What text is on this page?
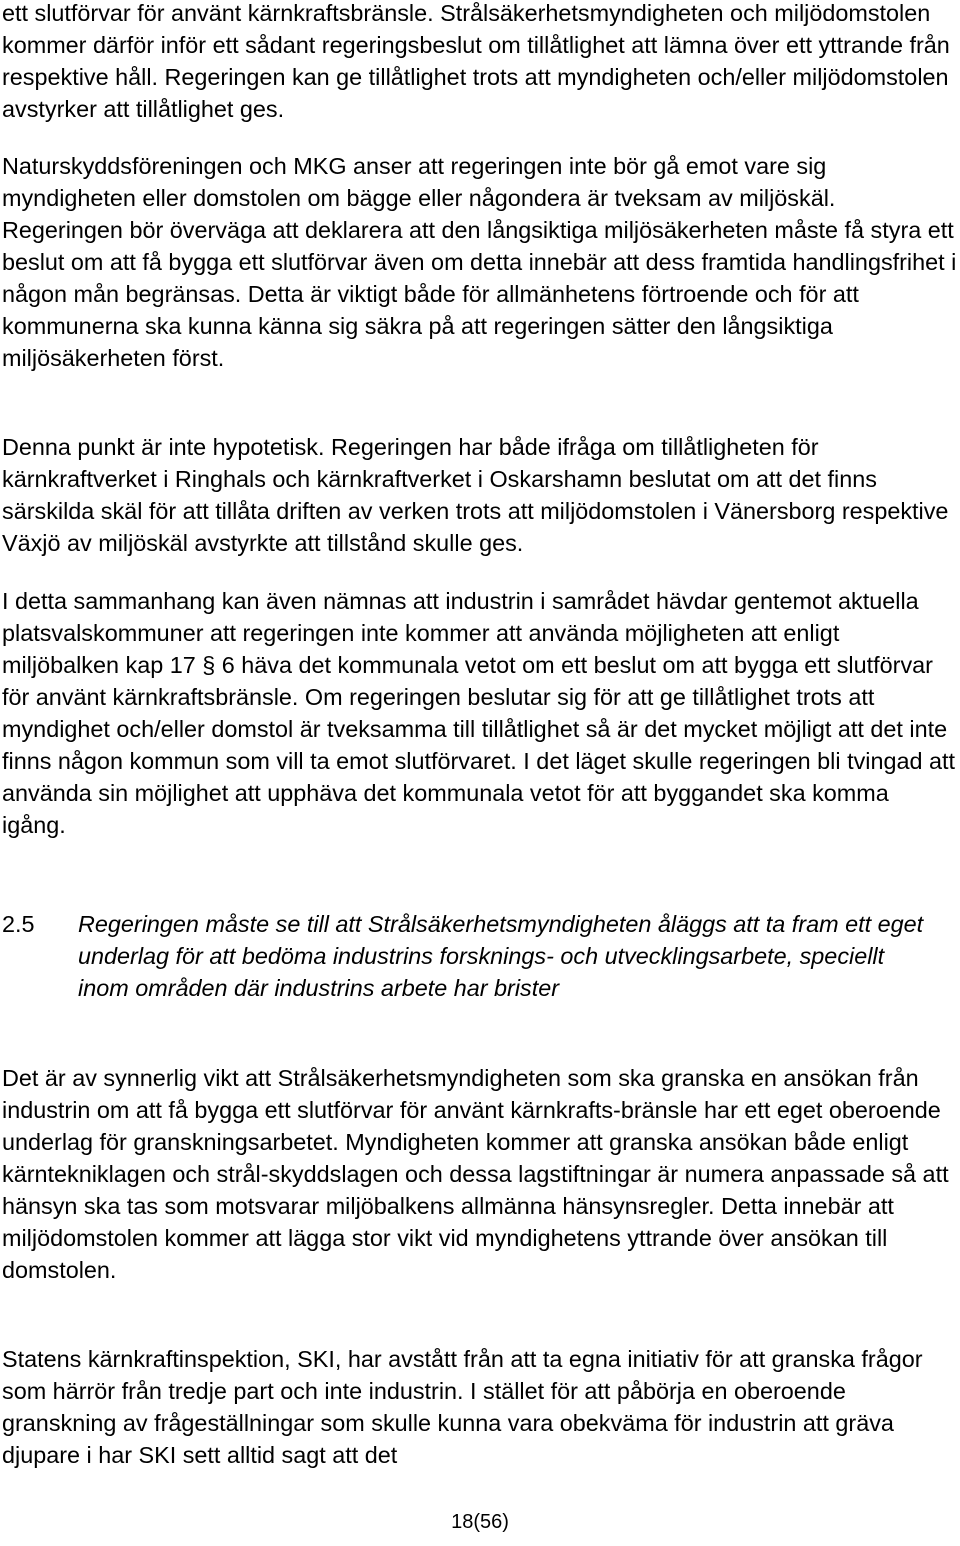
ett slutförvar för använt kärnkraftsbränsle. Strålsäkerhetsmyndigheten och miljödomstolen kommer därför inför ett sådant regeringsbeslut om tillåtlighet att lämna över ett yttrande från respektive håll. Regeringen kan ge tillåtlighet trots att myndigheten och/eller miljödomstolen avstyrker att tillåtlighet ges.

Naturskyddsföreningen och MKG anser att regeringen inte bör gå emot vare sig myndigheten eller domstolen om bägge eller någondera är tveksam av miljöskäl. Regeringen bör överväga att deklarera att den långsiktiga miljösäkerheten måste få styra ett beslut om att få bygga ett slutförvar även om detta innebär att dess framtida handlingsfrihet i någon mån begränsas. Detta är viktigt både för allmänhetens förtroende och för att kommunerna ska kunna känna sig säkra på att regeringen sätter den långsiktiga miljösäkerheten först.

Denna punkt är inte hypotetisk. Regeringen har både ifråga om tillåtligheten för kärnkraftverket i Ringhals och kärnkraftverket i Oskarshamn beslutat om att det finns särskilda skäl för att tillåta driften av verken trots att miljödomstolen i Vänersborg respektive Växjö av miljöskäl avstyrkte att tillstånd skulle ges.

I detta sammanhang kan även nämnas att industrin i samrådet hävdar gentemot aktuella platsvalskommuner att regeringen inte kommer att använda möjligheten att enligt miljöbalken kap 17 § 6 häva det kommunala vetot om ett beslut om att bygga ett slutförvar för använt kärnkraftsbränsle. Om regeringen beslutar sig för att ge tillåtlighet trots att myndighet och/eller domstol är tveksamma till tillåtlighet så är det mycket möjligt att det inte finns någon kommun som vill ta emot slutförvaret. I det läget skulle regeringen bli tvingad att använda sin möjlighet att upphäva det kommunala vetot för att byggandet ska komma igång.

2.5	Regeringen måste se till att Strålsäkerhetsmyndigheten åläggs att ta fram ett eget underlag för att bedöma industrins forsknings- och utvecklingsarbete, speciellt inom områden där industrins arbete har brister

Det är av synnerlig vikt att Strålsäkerhetsmyndigheten som ska granska en ansökan från industrin om att få bygga ett slutförvar för använt kärnkrafts-bränsle har ett eget oberoende underlag för granskningsarbetet. Myndigheten kommer att granska ansökan både enligt kärntekniklagen och strål-skyddslagen och dessa lagstiftningar är numera anpassade så att hänsyn ska tas som motsvarar miljöbalkens allmänna hänsynsregler. Detta innebär att miljödomstolen kommer att lägga stor vikt vid myndighetens yttrande över ansökan till domstolen.

Statens kärnkraftinspektion, SKI, har avstått från att ta egna initiativ för att granska frågor som härrör från tredje part och inte industrin. I stället för att påbörja en oberoende granskning av frågeställningar som skulle kunna vara obekväma för industrin att gräva djupare i har SKI sett alltid sagt att det

18(56)
